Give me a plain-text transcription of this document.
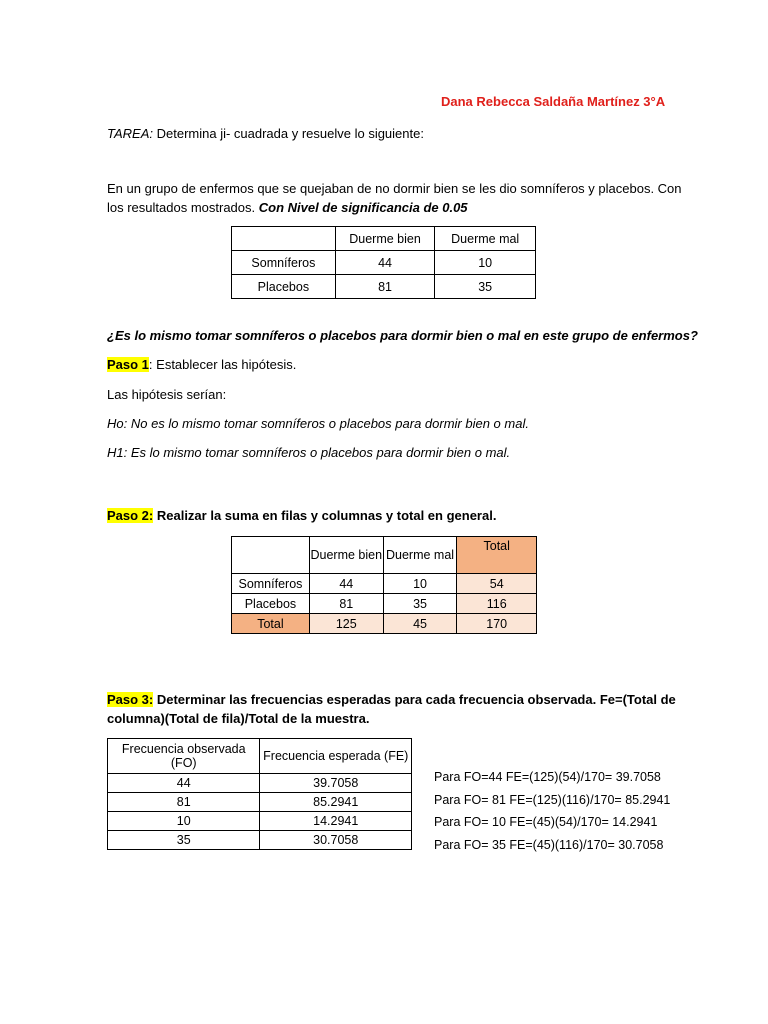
Dana Rebecca Saldaña Martínez 3°A
TAREA: Determina ji- cuadrada y resuelve lo siguiente:
En un grupo de enfermos que se quejaban de no dormir bien se les dio somníferos y placebos. Con
los resultados mostrados. Con Nivel de significancia de 0.05
	Duerme bien	Duerme mal
Somníferos	44	10
Placebos	81	35
¿Es lo mismo tomar somníferos o placebos para dormir bien o mal en este grupo de enfermos?
Paso 1: Establecer las hipótesis.
Las hipótesis serían:
Ho: No es lo mismo tomar somníferos o placebos para dormir bien o mal.
H1: Es lo mismo tomar somníferos o placebos para dormir bien o mal.
Paso 2: Realizar la suma en filas y columnas y total en general.
	Duerme bien	Duerme mal	Total
Somníferos	44	10	54
Placebos	81	35	116
Total	125	45	170
Paso 3: Determinar las frecuencias esperadas para cada frecuencia observada. Fe=(Total de
columna)(Total de fila)/Total de la muestra.
Frecuencia observada (FO)	Frecuencia esperada (FE)
44	39.7058
81	85.2941
10	14.2941
35	30.7058
Para FO=44 FE=(125)(54)/170= 39.7058
Para FO= 81 FE=(125)(116)/170= 85.2941
Para FO= 10 FE=(45)(54)/170= 14.2941
Para FO= 35 FE=(45)(116)/170= 30.7058
